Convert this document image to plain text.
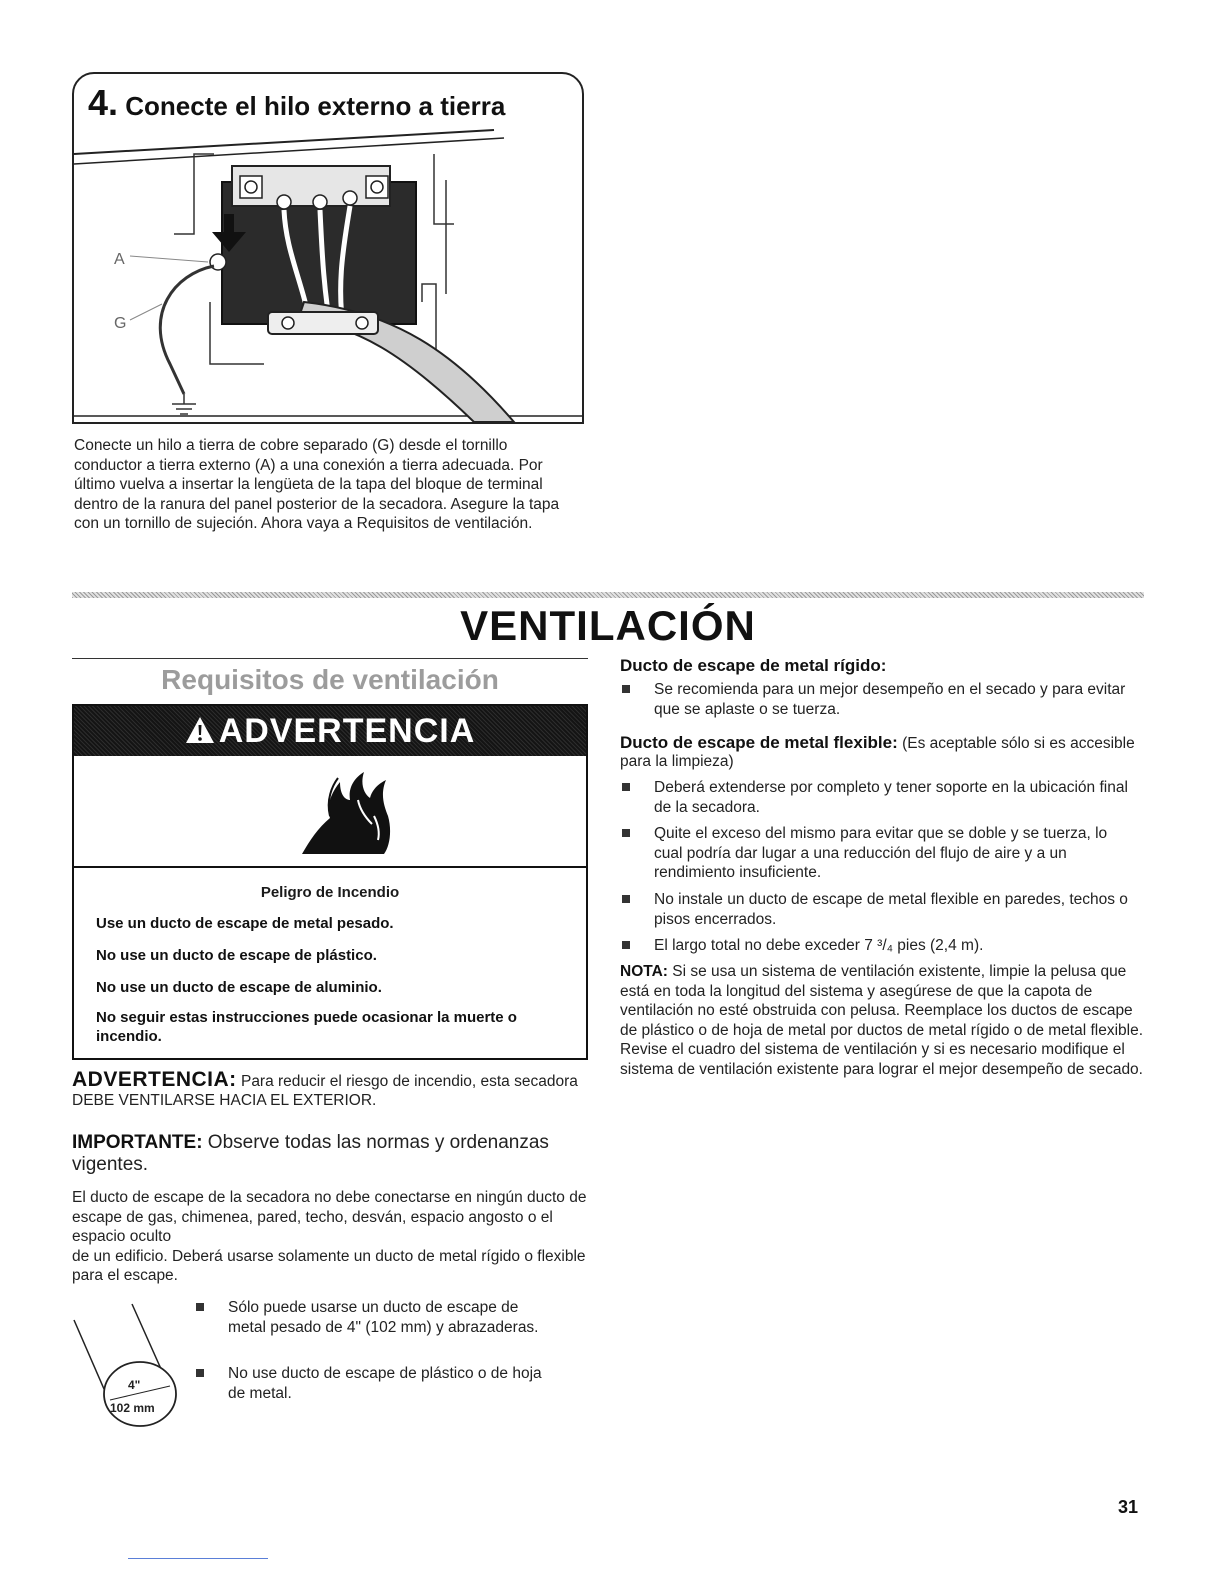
4. Conecte el hilo externo a tierra
A
G

Conecte un hilo a tierra de cobre separado (G) desde el tornillo conductor a tierra externo (A) a una conexión a tierra adecuada. Por último vuelva a insertar la lengüeta de la tapa del bloque de terminal dentro de la ranura del panel posterior de la secadora. Asegure la tapa con un tornillo de sujeción. Ahora vaya a Requisitos de ventilación.

VENTILACIÓN
Requisitos de ventilación
ADVERTENCIA
Peligro de Incendio
Use un ducto de escape de metal pesado.
No use un ducto de escape de plástico.
No use un ducto de escape de aluminio.
No seguir estas instrucciones puede ocasionar la muerte o incendio.

ADVERTENCIA: Para reducir el riesgo de incendio, esta secadora DEBE VENTILARSE HACIA EL EXTERIOR.

IMPORTANTE: Observe todas las normas y ordenanzas vigentes.

El ducto de escape de la secadora no debe conectarse en ningún ducto de escape de gas, chimenea, pared, techo, desván, espacio angosto o el espacio oculto
de un edificio. Deberá usarse solamente un ducto de metal rígido o flexible para el escape.

4"
102 mm
Sólo puede usarse un ducto de escape de metal pesado de 4" (102 mm) y abrazaderas.
No use ducto de escape de plástico o de hoja de metal.
Ducto de escape de metal rígido:
Se recomienda para un mejor desempeño en el secado y para evitar que se aplaste o se tuerza.

Ducto de escape de metal flexible: (Es aceptable sólo si es accesible para la limpieza)

Deberá extenderse por completo y tener soporte en la ubicación final de la secadora.
Quite el exceso del mismo para evitar que se doble y se tuerza, lo cual podría dar lugar a una reducción del flujo de aire y a un rendimiento insuficiente.
No instale un ducto de escape de metal flexible en paredes, techos o pisos encerrados.
El largo total no debe exceder 7 ³/₄ pies (2,4 m).

NOTA: Si se usa un sistema de ventilación existente, limpie la pelusa que está en toda la longitud del sistema y asegúrese de que la capota de ventilación no esté obstruida con pelusa. Reemplace los ductos de escape de plástico o de hoja de metal por ductos de metal rígido o de metal flexible. Revise el cuadro del sistema de ventilación y si es necesario modifique el sistema de ventilación existente para lograr el mejor desempeño de secado.

31
